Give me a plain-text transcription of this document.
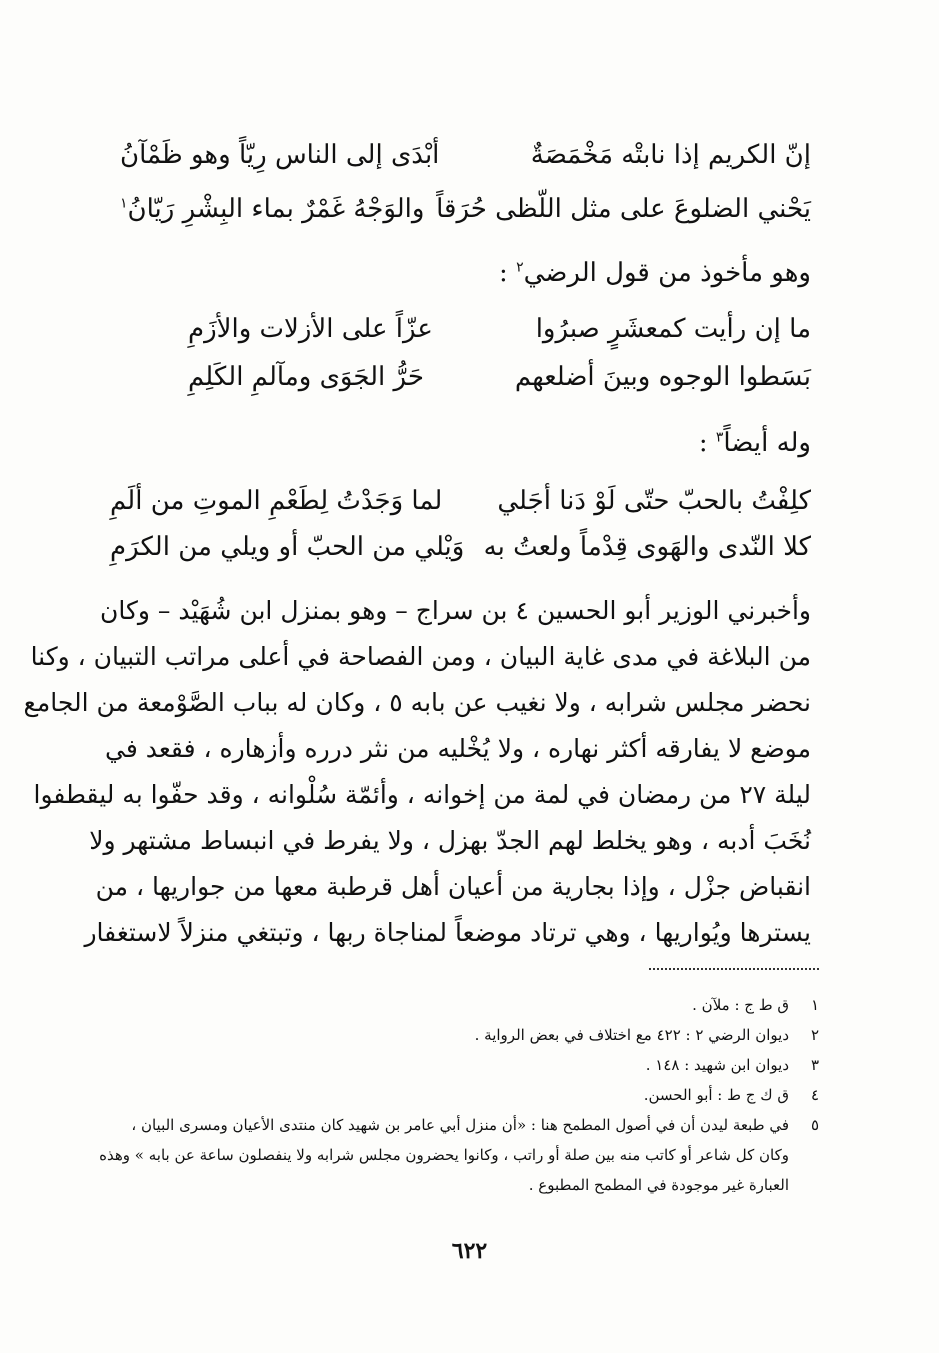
إنّ الكريم إذا نابتْه مَخْمَصَةٌ
أبْدَى إلى الناس رِيّاً وهو ظَمْآنُ
يَحْني الضلوعَ على مثل اللّظى حُرَقاً
والوَجْهُ غَمْرٌ بماء البِشْرِ رَيّانُ$^١$
وهو مأخوذ من قول الرضي$^٢$ :
ما إن رأيت كمعشَرٍ صبرُوا
عزّاً على الأزلات والأزَمِ
بَسَطوا الوجوه وبينَ أضلعهم
حَرُّ الجَوَى ومآلمِ الكَلِمِ
وله أيضاً$^٣$ :
كلِفْتُ بالحبّ حتّى لَوْ دَنا أجَلي
لما وَجَدْتُ لِطَعْمِ الموتِ من ألَمِ
كلا النّدى والهَوى قِدْماً ولعتُ به
وَيْلي من الحبّ أو ويلي من الكرَمِ
وأخبرني الوزير أبو الحسين ٤ بن سراج – وهو بمنزل ابن شُهَيْد – وكان
من البلاغة في مدى غاية البيان ، ومن الفصاحة في أعلى مراتب التبيان ، وكنا
نحضر مجلس شرابه ، ولا نغيب عن بابه ٥ ، وكان له بباب الصَّوْمعة من الجامع
موضع لا يفارقه أكثر نهاره ، ولا يُخْليه من نثر درره وأزهاره ، فقعد في
ليلة ٢٧ من رمضان في لمة من إخوانه ، وأئمّة سُلْوانه ، وقد حفّوا به ليقطفوا
نُخَبَ أدبه ، وهو يخلط لهم الجدّ بهزل ، ولا يفرط في انبساط مشتهر ولا
انقباض جزْل ، وإذا بجارية من أعيان أهل قرطبة معها من جواريها ، من
يسترها ويُواريها ، وهي ترتاد موضعاً لمناجاة ربها ، وتبتغي منزلاً لاستغفار
١
ق ط ج : ملآن .
٢
ديوان الرضي ٢ : ٤٢٢ مع اختلاف في بعض الرواية .
٣
ديوان ابن شهيد : ١٤٨ .
٤
ق ك ج ط : أبو الحسن.
٥
في طبعة ليدن أن في أصول المطمح هنا : «أن منزل أبي عامر بن شهيد كان منتدى الأعيان ومسرى البيان ، وكان كل شاعر أو كاتب منه بين صلة أو راتب ، وكانوا يحضرون مجلس شرابه ولا ينفصلون ساعة عن بابه » وهذه العبارة غير موجودة في المطمح المطبوع .
٦٢٢
